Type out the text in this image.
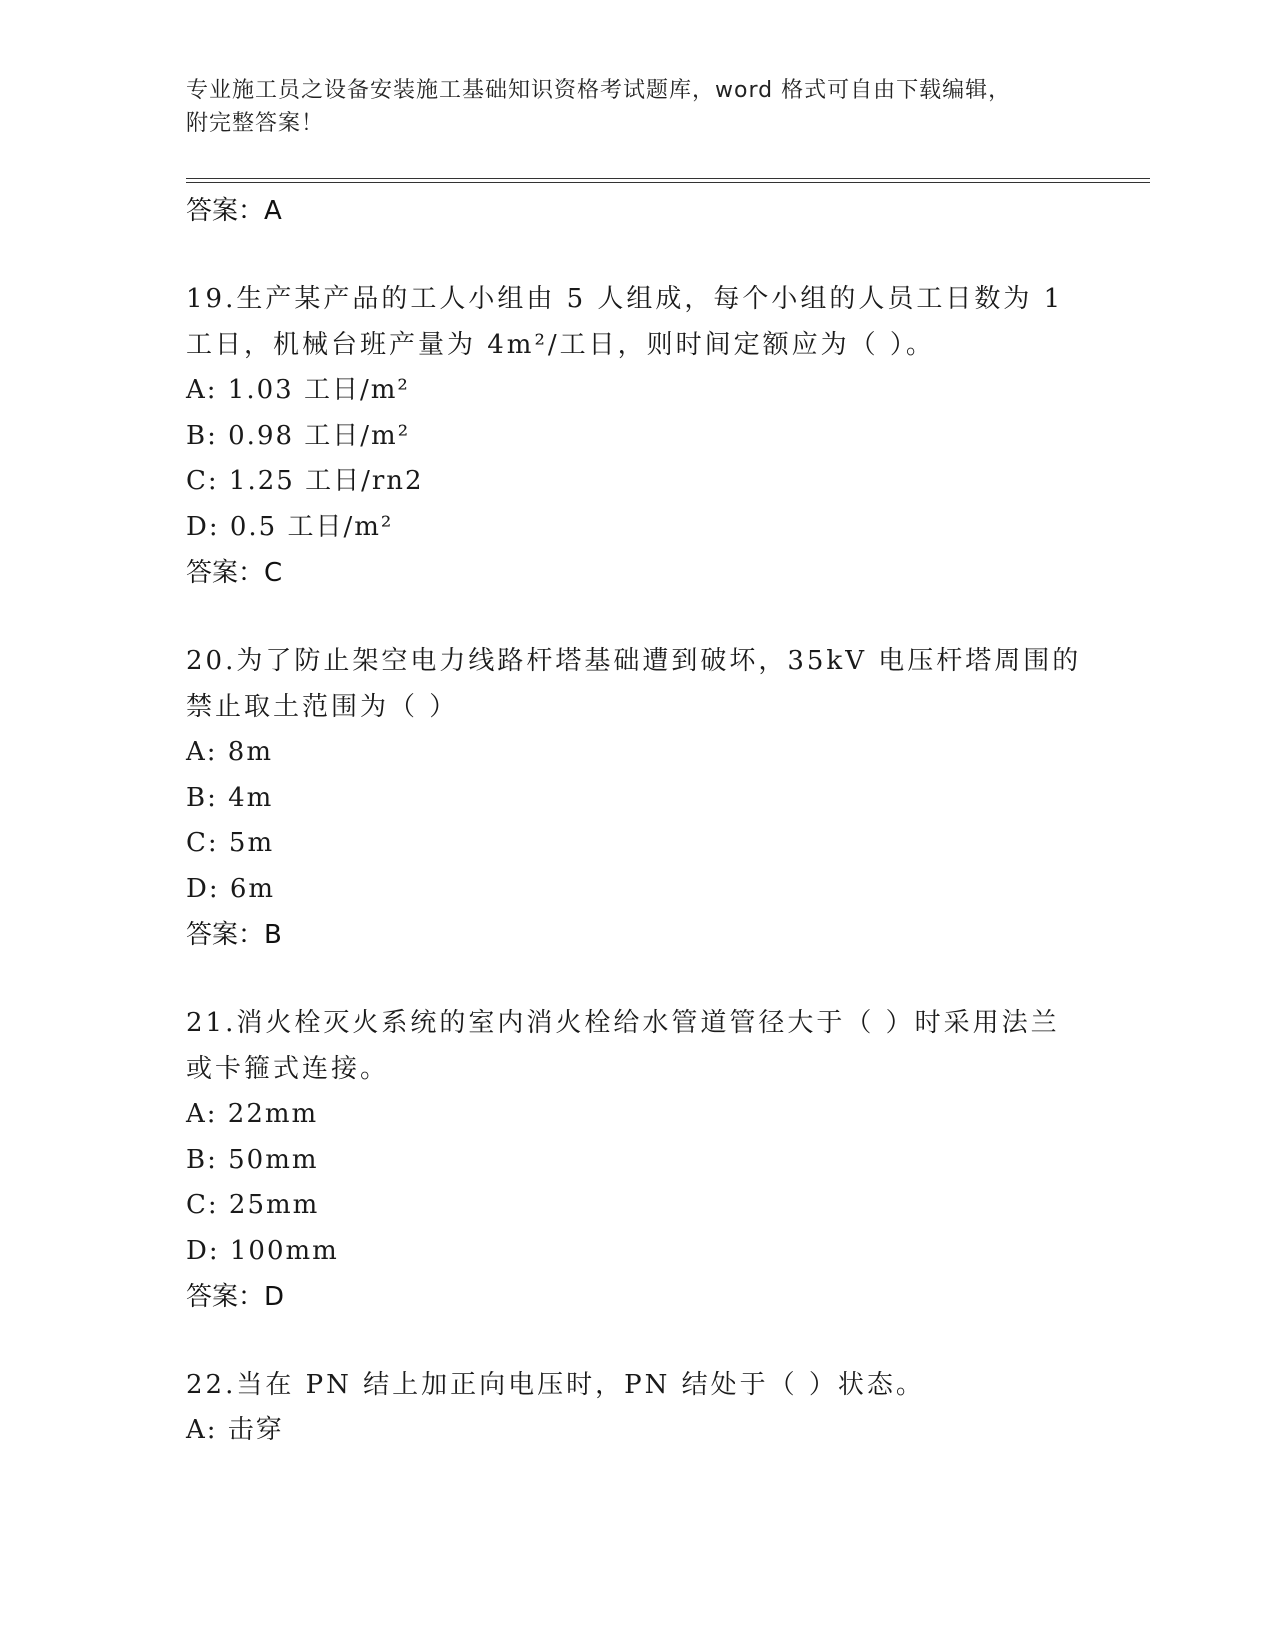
专业施工员之设备安装施工基础知识资格考试题库，word 格式可自由下载编辑，
附完整答案！
答案：A
19.生产某产品的工人小组由 5 人组成，每个小组的人员工日数为 1 工日，机械台班产量为 4m²/工日，则时间定额应为（ ）。
A: 1.03 工日/m²
B: 0.98 工日/m²
C: 1.25 工日/rn2
D: 0.5 工日/m²
答案：C
20.为了防止架空电力线路杆塔基础遭到破坏，35kV 电压杆塔周围的禁止取土范围为（ ）
A: 8m
B: 4m
C: 5m
D: 6m
答案：B
21.消火栓灭火系统的室内消火栓给水管道管径大于（ ）时采用法兰或卡箍式连接。
A: 22mm
B: 50mm
C: 25mm
D: 100mm
答案：D
22.当在 PN 结上加正向电压时，PN 结处于（ ）状态。
A: 击穿
